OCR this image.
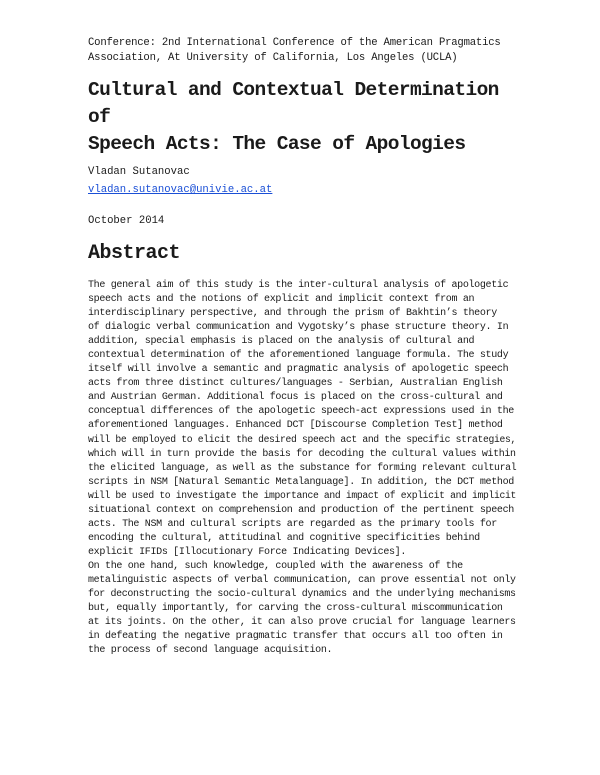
Conference: 2nd International Conference of the American Pragmatics
Association, At University of California, Los Angeles (UCLA)

Cultural and Contextual Determination of
Speech Acts: The Case of Apologies

Vladan Sutanovac

vladan.sutanovac@univie.ac.at

October 2014

Abstract
The general aim of this study is the inter-cultural analysis of apologetic
speech acts and the notions of explicit and implicit context from an
interdisciplinary perspective, and through the prism of Bakhtin’s theory
of dialogic verbal communication and Vygotsky’s phase structure theory. In
addition, special emphasis is placed on the analysis of cultural and
contextual determination of the aforementioned language formula. The study
itself will involve a semantic and pragmatic analysis of apologetic speech
acts from three distinct cultures/languages - Serbian, Australian English
and Austrian German. Additional focus is placed on the cross-cultural and
conceptual differences of the apologetic speech-act expressions used in the
aforementioned languages. Enhanced DCT [Discourse Completion Test] method
will be employed to elicit the desired speech act and the specific strategies,
which will in turn provide the basis for decoding the cultural values within
the elicited language, as well as the substance for forming relevant cultural
scripts in NSM [Natural Semantic Metalanguage]. In addition, the DCT method
will be used to investigate the importance and impact of explicit and implicit
situational context on comprehension and production of the pertinent speech
acts. The NSM and cultural scripts are regarded as the primary tools for
encoding the cultural, attitudinal and cognitive specificities behind
explicit IFIDs [Illocutionary Force Indicating Devices].
On the one hand, such knowledge, coupled with the awareness of the
metalinguistic aspects of verbal communication, can prove essential not only
for deconstructing the socio-cultural dynamics and the underlying mechanisms
but, equally importantly, for carving the cross-cultural miscommunication
at its joints. On the other, it can also prove crucial for language learners
in defeating the negative pragmatic transfer that occurs all too often in
the process of second language acquisition.
